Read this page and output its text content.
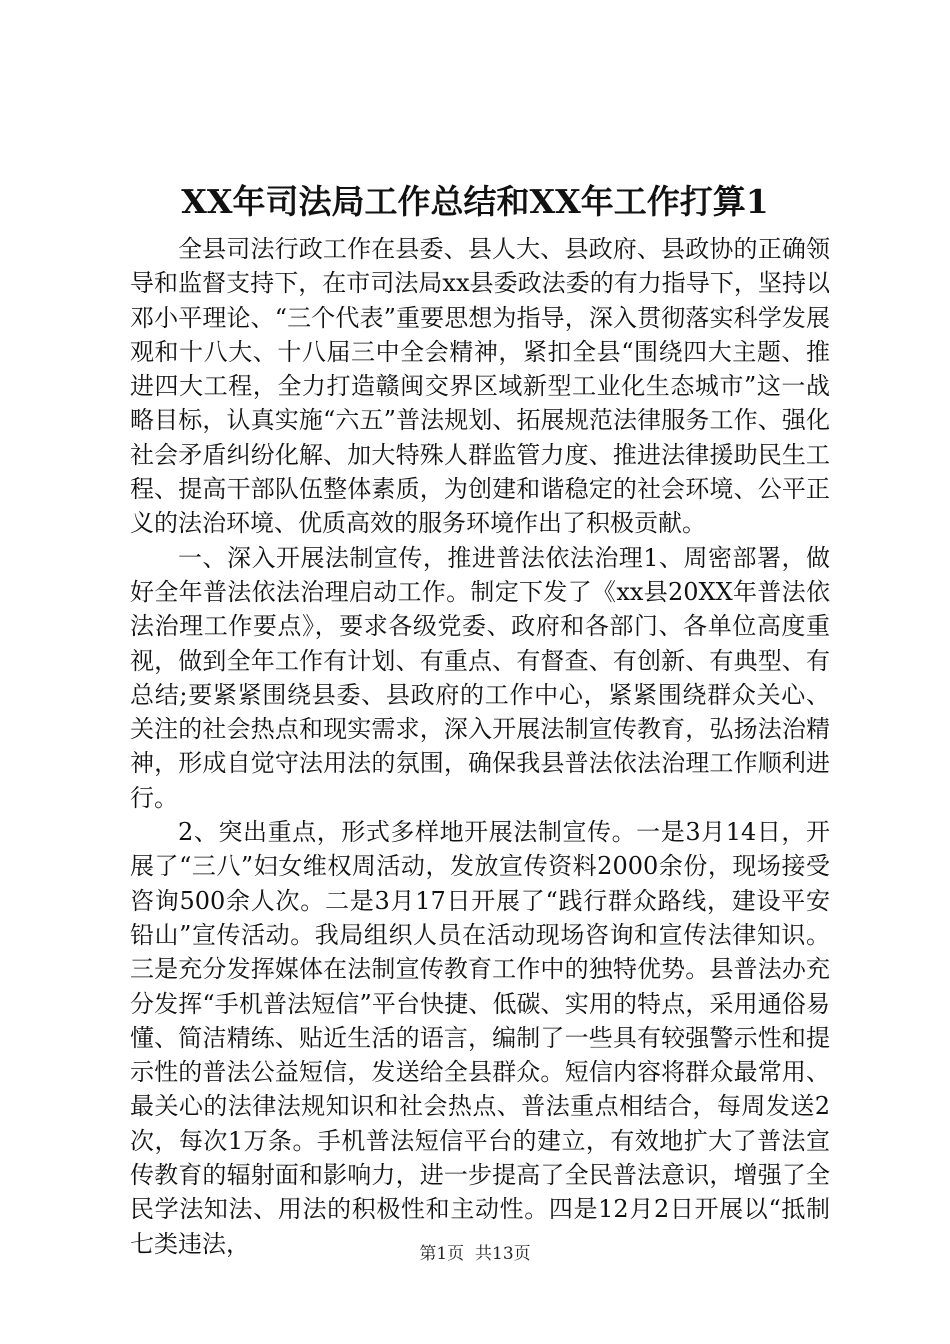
XX年司法局工作总结和XX年工作打算1

全县司法行政工作在县委、县人大、县政府、县政协的正确领导和监督支持下，在市司法局xx县委政法委的有力指导下，坚持以邓小平理论、“三个代表”重要思想为指导，深入贯彻落实科学发展观和十八大、十八届三中全会精神，紧扣全县“围绕四大主题、推进四大工程，全力打造赣闽交界区域新型工业化生态城市”这一战略目标，认真实施“六五”普法规划、拓展规范法律服务工作、强化社会矛盾纠纷化解、加大特殊人群监管力度、推进法律援助民生工程、提高干部队伍整体素质，为创建和谐稳定的社会环境、公平正义的法治环境、优质高效的服务环境作出了积极贡献。

一、深入开展法制宣传，推进普法依法治理1、周密部署，做好全年普法依法治理启动工作。制定下发了《xx县20XX年普法依法治理工作要点》，要求各级党委、政府和各部门、各单位高度重视，做到全年工作有计划、有重点、有督查、有创新、有典型、有总结;要紧紧围绕县委、县政府的工作中心，紧紧围绕群众关心、关注的社会热点和现实需求，深入开展法制宣传教育，弘扬法治精神，形成自觉守法用法的氛围，确保我县普法依法治理工作顺利进行。

2、突出重点，形式多样地开展法制宣传。一是3月14日，开展了“三八”妇女维权周活动，发放宣传资料2000余份，现场接受咨询500余人次。二是3月17日开展了“践行群众路线，建设平安铅山”宣传活动。我局组织人员在活动现场咨询和宣传法律知识。三是充分发挥媒体在法制宣传教育工作中的独特优势。县普法办充分发挥“手机普法短信”平台快捷、低碳、实用的特点，采用通俗易懂、简洁精练、贴近生活的语言，编制了一些具有较强警示性和提示性的普法公益短信，发送给全县群众。短信内容将群众最常用、最关心的法律法规知识和社会热点、普法重点相结合，每周发送2次，每次1万条。手机普法短信平台的建立，有效地扩大了普法宣传教育的辐射面和影响力，进一步提高了全民普法意识，增强了全民学法知法、用法的积极性和主动性。四是12月2日开展以“抵制七类违法，	第1页 共13页
